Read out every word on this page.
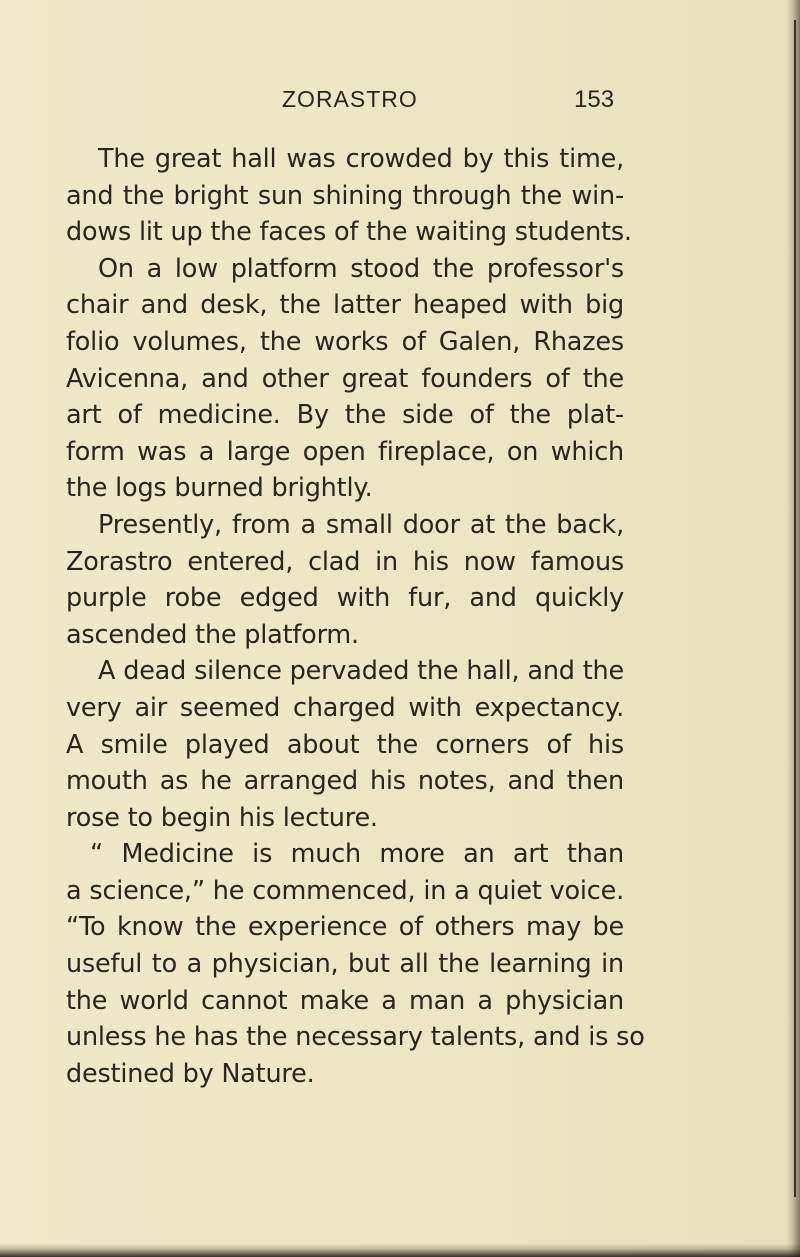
ZORASTRO	153
The great hall was crowded by this time,
and the bright sun shining through the win-
dows lit up the faces of the waiting students.
On a low platform stood the professor's
chair and desk, the latter heaped with big
folio volumes, the works of Galen, Rhazes
Avicenna, and other great founders of the
art of medicine. By the side of the plat-
form was a large open fireplace, on which
the logs burned brightly.
Presently, from a small door at the back,
Zorastro entered, clad in his now famous
purple robe edged with fur, and quickly
ascended the platform.
A dead silence pervaded the hall, and the
very air seemed charged with expectancy.
A smile played about the corners of his
mouth as he arranged his notes, and then
rose to begin his lecture.
“ Medicine is much more an art than
a science,” he commenced, in a quiet voice.
“To know the experience of others may be
useful to a physician, but all the learning in
the world cannot make a man a physician
unless he has the necessary talents, and is so
destined by Nature.
